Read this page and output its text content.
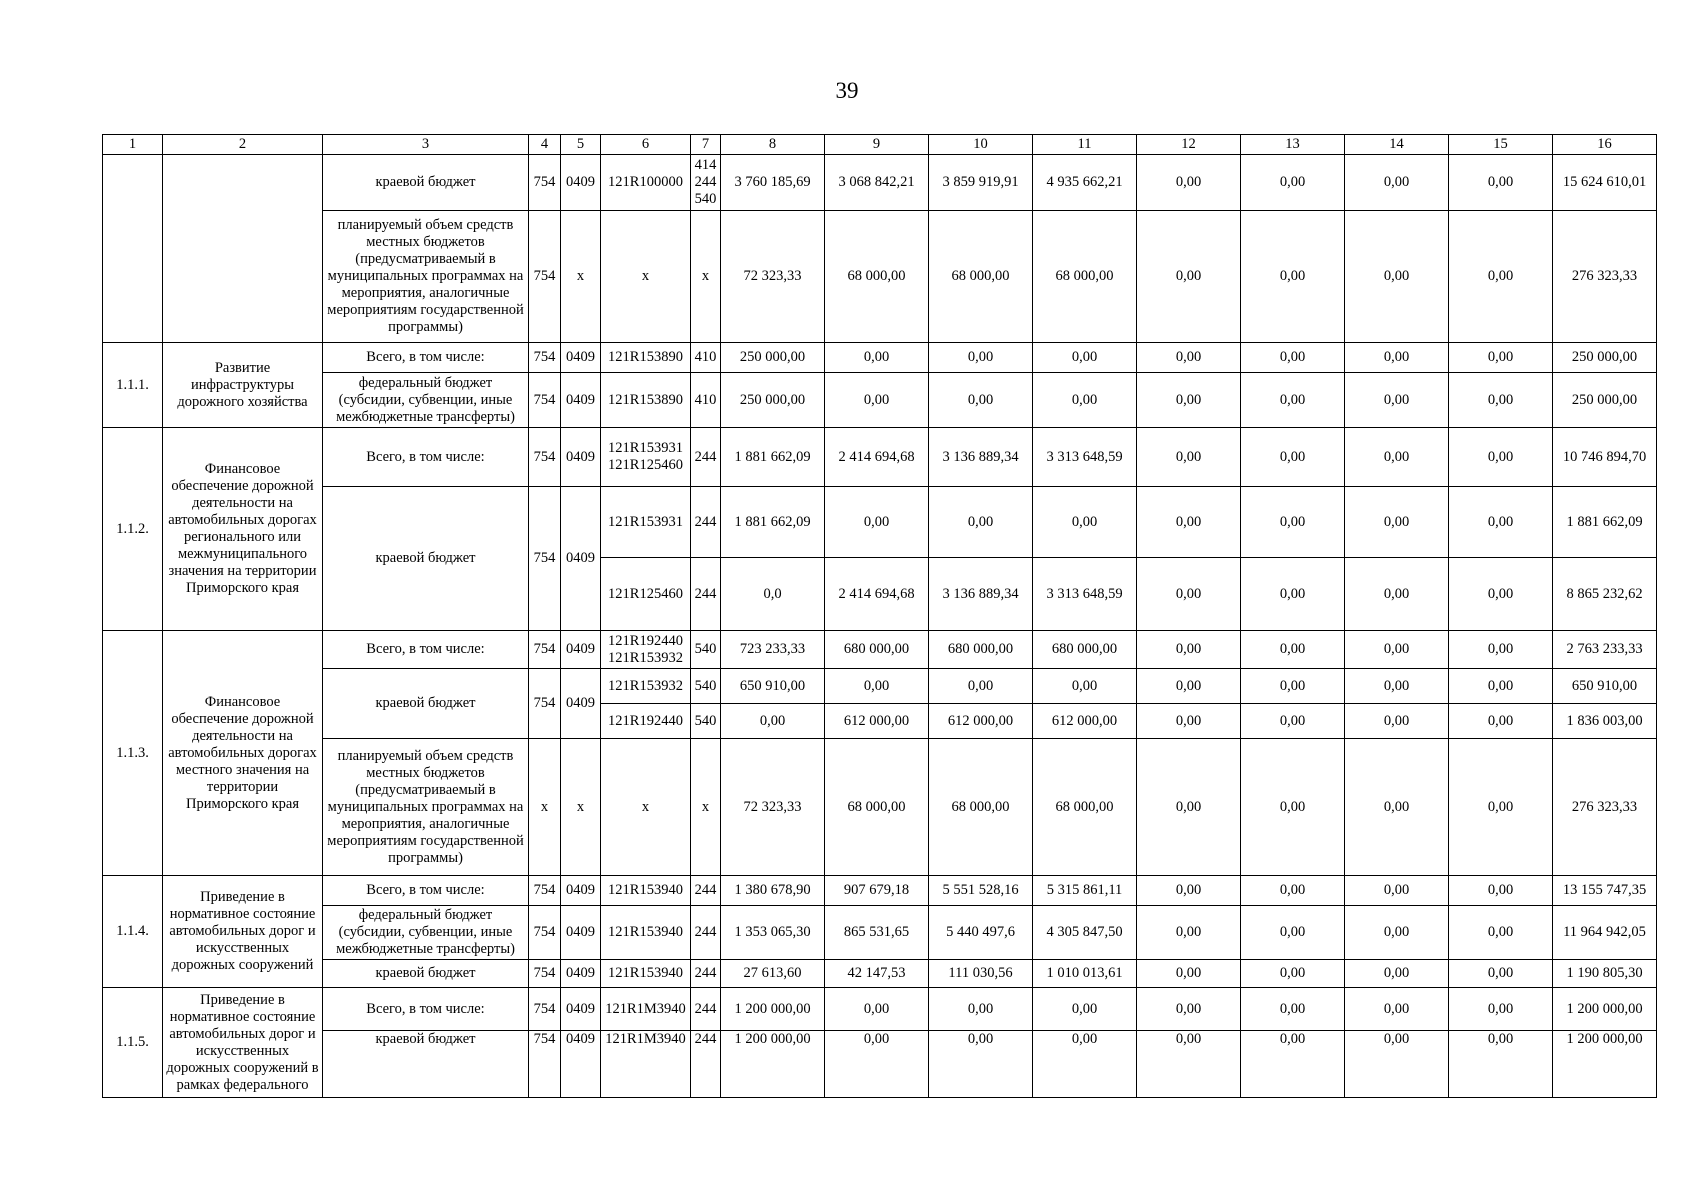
39
1	2	3	4	5	6	7	8	9	10	11	12	13	14	15	16
		краевой бюджет	754	0409	121R100000	414 244 540	3 760 185,69	3 068 842,21	3 859 919,91	4 935 662,21	0,00	0,00	0,00	0,00	15 624 610,01
		планируемый объем средств местных бюджетов (предусматриваемый в муниципальных программах на мероприятия, аналогичные мероприятиям государственной программы)	754	x	x	x	72 323,33	68 000,00	68 000,00	68 000,00	0,00	0,00	0,00	0,00	276 323,33
1.1.1.	Развитие инфраструктуры дорожного хозяйства	Всего, в том числе:	754	0409	121R153890	410	250 000,00	0,00	0,00	0,00	0,00	0,00	0,00	0,00	250 000,00
		федеральный бюджет (субсидии, субвенции, иные межбюджетные трансферты)	754	0409	121R153890	410	250 000,00	0,00	0,00	0,00	0,00	0,00	0,00	0,00	250 000,00
1.1.2.	Финансовое обеспечение дорожной деятельности на автомобильных дорогах регионального или межмуниципального значения на территории Приморского края	Всего, в том числе:	754	0409	121R153931 121R125460	244	1 881 662,09	2 414 694,68	3 136 889,34	3 313 648,59	0,00	0,00	0,00	0,00	10 746 894,70
		краевой бюджет	754	0409	121R153931	244	1 881 662,09	0,00	0,00	0,00	0,00	0,00	0,00	0,00	1 881 662,09
					121R125460	244	0,0	2 414 694,68	3 136 889,34	3 313 648,59	0,00	0,00	0,00	0,00	8 865 232,62
1.1.3.	Финансовое обеспечение дорожной деятельности на автомобильных дорогах местного значения на территории Приморского края	Всего, в том числе:	754	0409	121R192440 121R153932	540	723 233,33	680 000,00	680 000,00	680 000,00	0,00	0,00	0,00	0,00	2 763 233,33
		краевой бюджет	754	0409	121R153932	540	650 910,00	0,00	0,00	0,00	0,00	0,00	0,00	0,00	650 910,00
					121R192440	540	0,00	612 000,00	612 000,00	612 000,00	0,00	0,00	0,00	0,00	1 836 003,00
		планируемый объем средств местных бюджетов (предусматриваемый в муниципальных программах на мероприятия, аналогичные мероприятиям государственной программы)	x	x	x	x	72 323,33	68 000,00	68 000,00	68 000,00	0,00	0,00	0,00	0,00	276 323,33
1.1.4.	Приведение в нормативное состояние автомобильных дорог и искусственных дорожных сооружений	Всего, в том числе:	754	0409	121R153940	244	1 380 678,90	907 679,18	5 551 528,16	5 315 861,11	0,00	0,00	0,00	0,00	13 155 747,35
		федеральный бюджет (субсидии, субвенции, иные межбюджетные трансферты)	754	0409	121R153940	244	1 353 065,30	865 531,65	5 440 497,6	4 305 847,50	0,00	0,00	0,00	0,00	11 964 942,05
		краевой бюджет	754	0409	121R153940	244	27 613,60	42 147,53	111 030,56	1 010 013,61	0,00	0,00	0,00	0,00	1 190 805,30
1.1.5.	Приведение в нормативное состояние автомобильных дорог и искусственных дорожных сооружений в рамках федерального	Всего, в том числе:	754	0409	121R1M3940	244	1 200 000,00	0,00	0,00	0,00	0,00	0,00	0,00	0,00	1 200 000,00
		краевой бюджет	754	0409	121R1M3940	244	1 200 000,00	0,00	0,00	0,00	0,00	0,00	0,00	0,00	1 200 000,00
